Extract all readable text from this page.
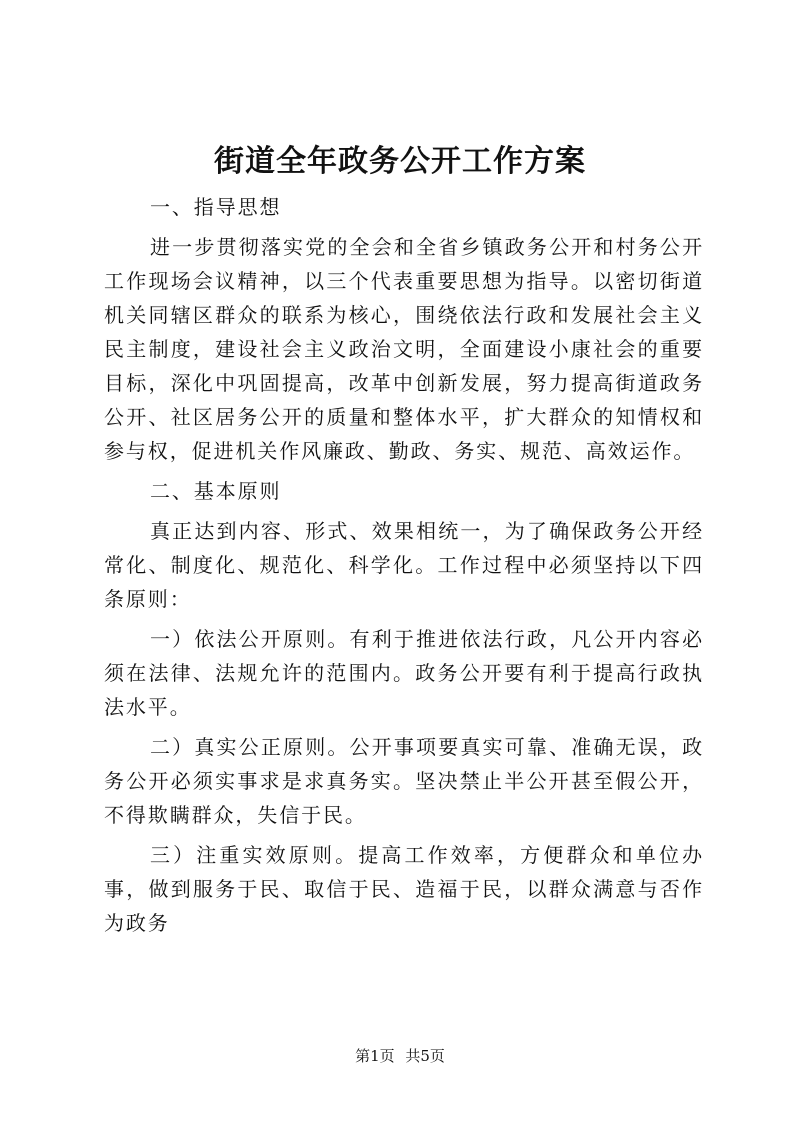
街道全年政务公开工作方案

一、指导思想

进一步贯彻落实党的全会和全省乡镇政务公开和村务公开工作现场会议精神，以三个代表重要思想为指导。以密切街道机关同辖区群众的联系为核心，围绕依法行政和发展社会主义民主制度，建设社会主义政治文明，全面建设小康社会的重要目标，深化中巩固提高，改革中创新发展，努力提高街道政务公开、社区居务公开的质量和整体水平，扩大群众的知情权和参与权，促进机关作风廉政、勤政、务实、规范、高效运作。

二、基本原则

真正达到内容、形式、效果相统一，为了确保政务公开经常化、制度化、规范化、科学化。工作过程中必须坚持以下四条原则：

一）依法公开原则。有利于推进依法行政，凡公开内容必须在法律、法规允许的范围内。政务公开要有利于提高行政执法水平。

二）真实公正原则。公开事项要真实可靠、准确无误，政务公开必须实事求是求真务实。坚决禁止半公开甚至假公开，不得欺瞒群众，失信于民。

三）注重实效原则。提高工作效率，方便群众和单位办事，做到服务于民、取信于民、造福于民，以群众满意与否作为政务

第1页 共5页
